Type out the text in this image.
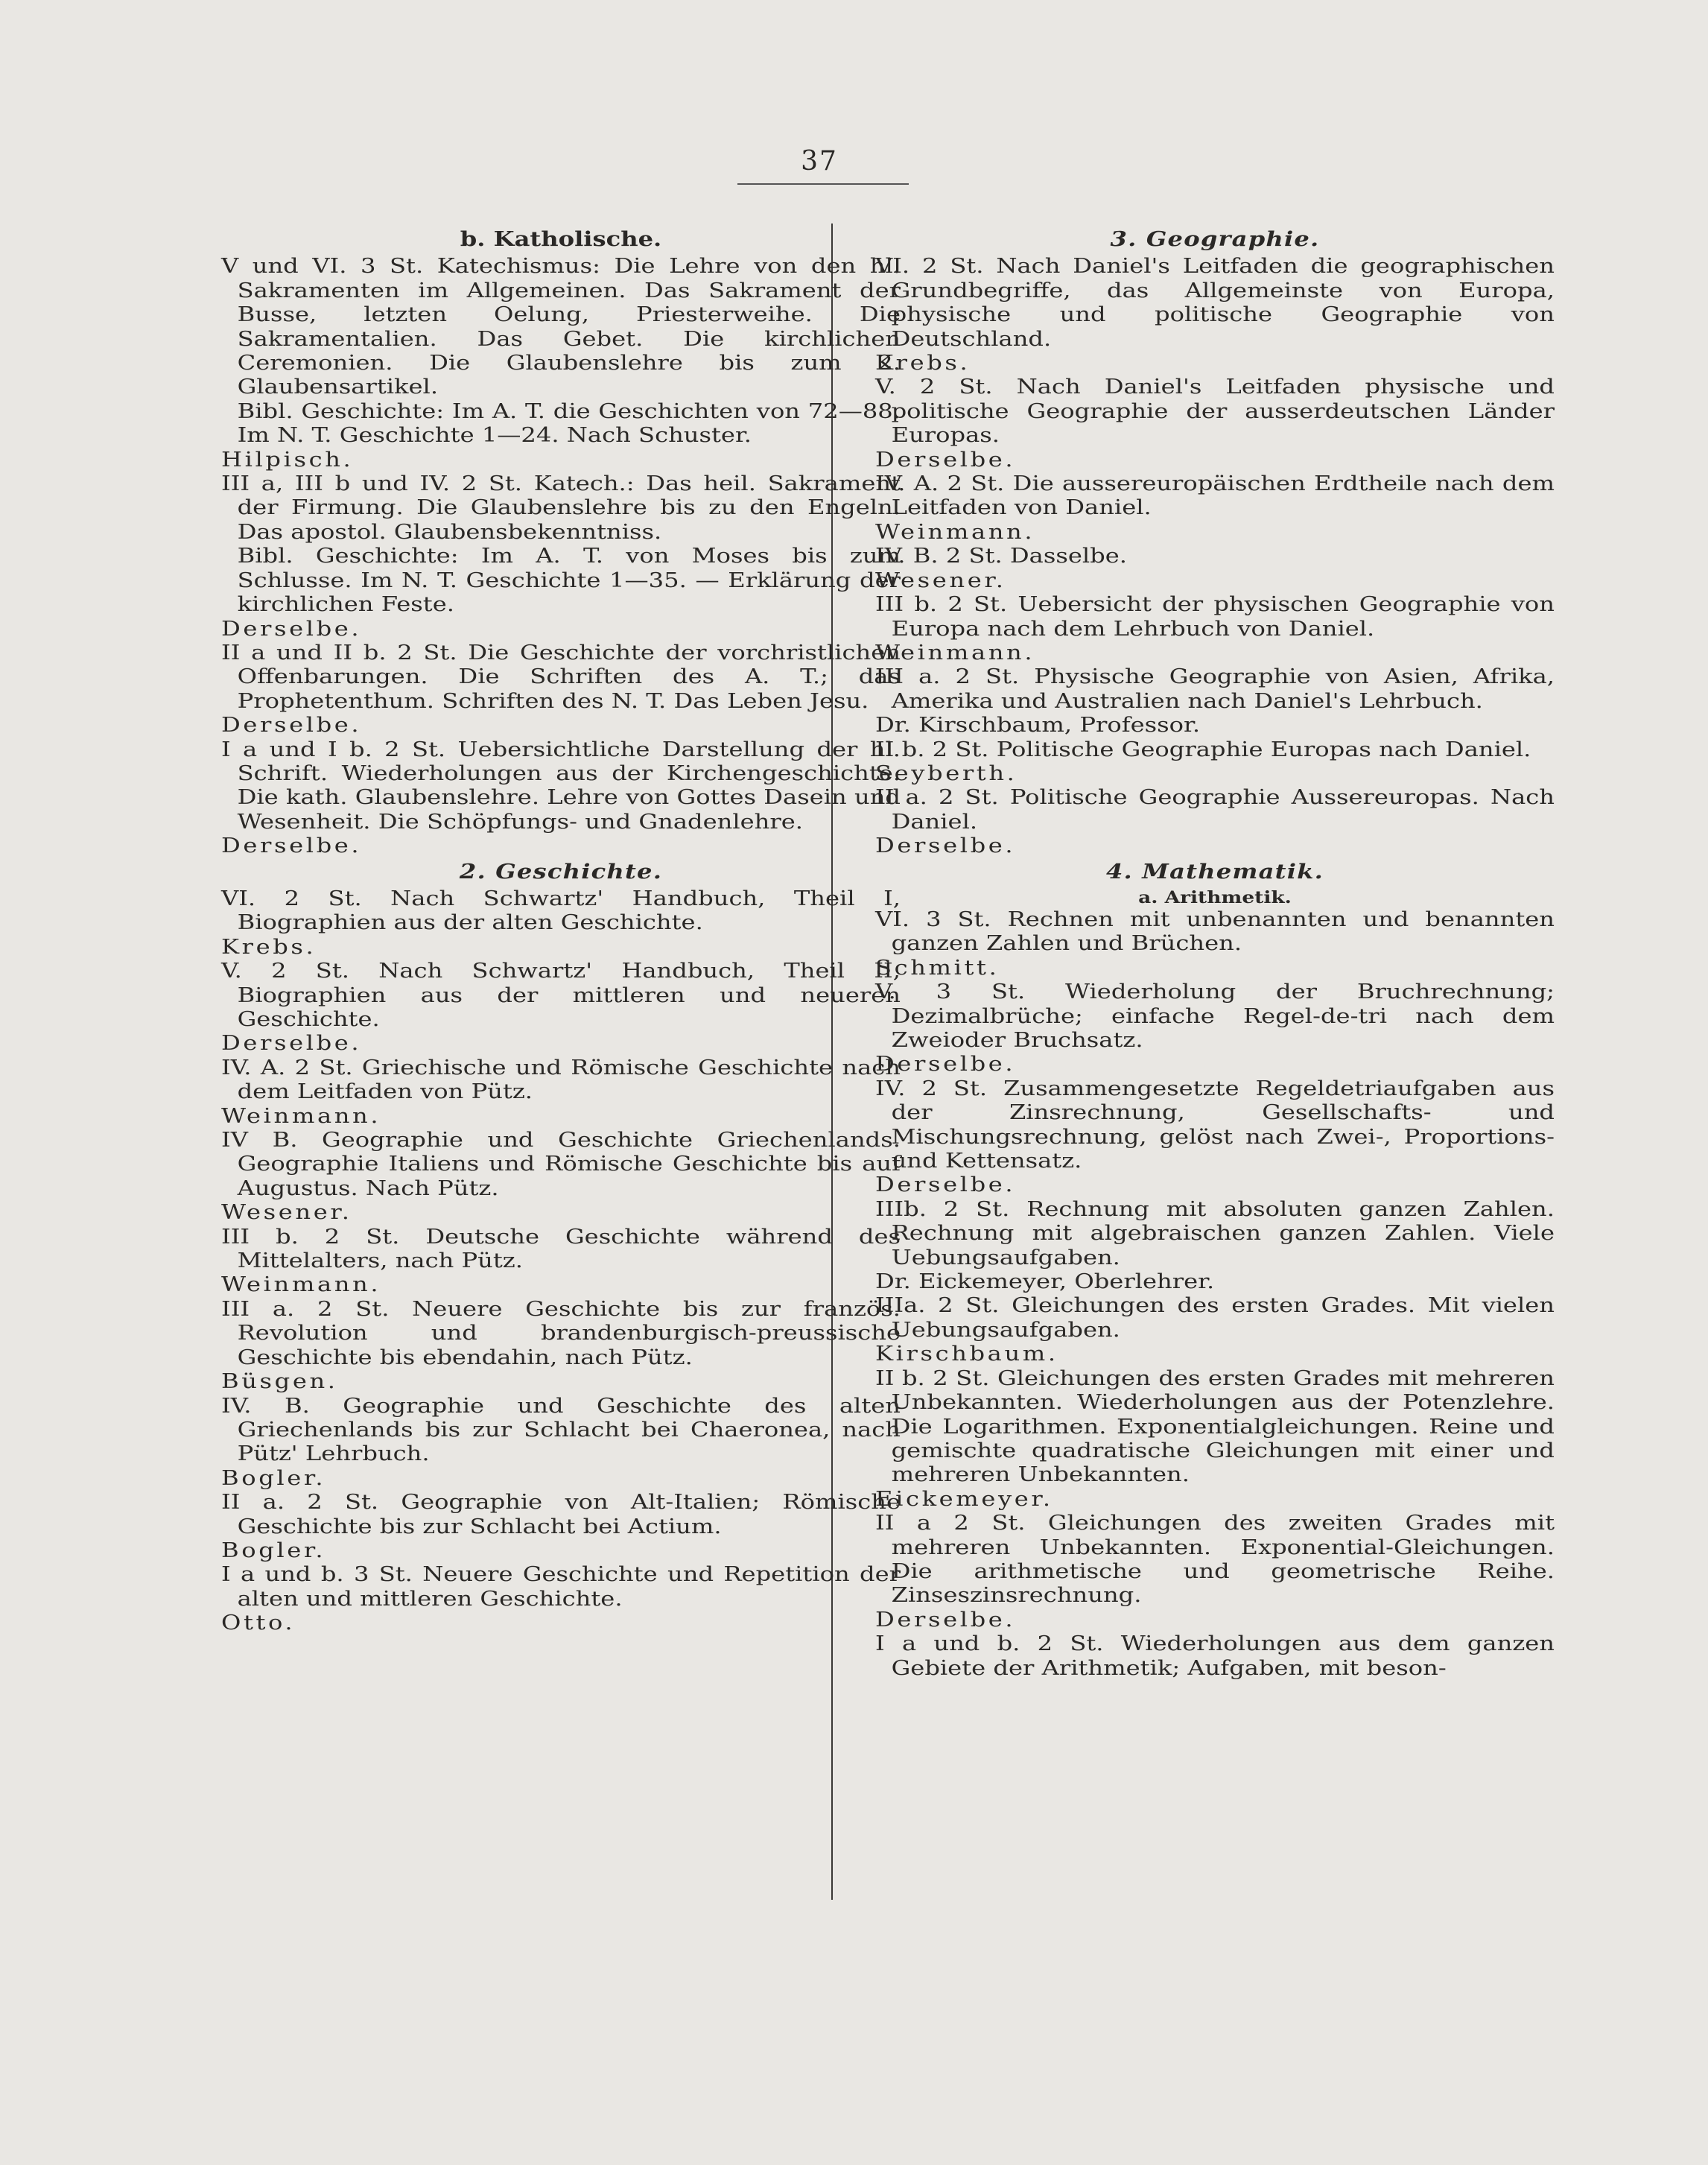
37
b. Katholische.

V und VI. 3 St. Katechismus: Die Lehre von den hl. Sakramenten im Allgemeinen. Das Sakrament der Busse, letzten Oelung, Priesterweihe. Die Sakramentalien. Das Gebet. Die kirchlichen Ceremonien. Die Glaubenslehre bis zum 2. Glaubensartikel.

Bibl. Geschichte: Im A. T. die Geschichten von 72—88. Im N. T. Geschichte 1—24. Nach Schuster.

Hilpisch.

III a, III b und IV. 2 St. Katech.: Das heil. Sakrament der Firmung. Die Glaubenslehre bis zu den Engeln. Das apostol. Glaubensbekenntniss.

Bibl. Geschichte: Im A. T. von Moses bis zum Schlusse. Im N. T. Geschichte 1—35. — Erklärung der kirchlichen Feste.

Derselbe.

II a und II b. 2 St. Die Geschichte der vorchristlichen Offenbarungen. Die Schriften des A. T.; das Prophetenthum. Schriften des N. T. Das Leben Jesu.

Derselbe.

I a und I b. 2 St. Uebersichtliche Darstellung der hl. Schrift. Wiederholungen aus der Kirchengeschichte. Die kath. Glaubenslehre. Lehre von Gottes Dasein und Wesenheit. Die Schöpfungs- und Gnadenlehre.

Derselbe.

2. Geschichte.

VI. 2 St. Nach Schwartz' Handbuch, Theil I, Biographien aus der alten Geschichte.

Krebs.

V. 2 St. Nach Schwartz' Handbuch, Theil II, Biographien aus der mittleren und neueren Geschichte.

Derselbe.

IV. A. 2 St. Griechische und Römische Geschichte nach dem Leitfaden von Pütz.

Weinmann.

IV B. Geographie und Geschichte Griechenlands. Geographie Italiens und Römische Geschichte bis auf Augustus. Nach Pütz.

Wesener.

III b. 2 St. Deutsche Geschichte während des Mittelalters, nach Pütz.

Weinmann.

III a. 2 St. Neuere Geschichte bis zur französ. Revolution und brandenburgisch-preussische Geschichte bis ebendahin, nach Pütz.

Büsgen.

IV. B. Geographie und Geschichte des alten Griechenlands bis zur Schlacht bei Chaeronea, nach Pütz' Lehrbuch.

Bogler.

II a. 2 St. Geographie von Alt-Italien; Römische Geschichte bis zur Schlacht bei Actium.

Bogler.

I a und b. 3 St. Neuere Geschichte und Repetition der alten und mittleren Geschichte.

Otto.

3. Geographie.

VI. 2 St. Nach Daniel's Leitfaden die geographischen Grundbegriffe, das Allgemeinste von Europa, physische und politische Geographie von Deutschland.

Krebs.

V. 2 St. Nach Daniel's Leitfaden physische und politische Geographie der ausserdeutschen Länder Europas.

Derselbe.

IV. A. 2 St. Die aussereuropäischen Erdtheile nach dem Leitfaden von Daniel.

Weinmann.

IV. B. 2 St. Dasselbe.

Wesener.

III b. 2 St. Uebersicht der physischen Geographie von Europa nach dem Lehrbuch von Daniel.

Weinmann.

III a. 2 St. Physische Geographie von Asien, Afrika, Amerika und Australien nach Daniel's Lehrbuch.

Dr. Kirschbaum, Professor.

II b. 2 St. Politische Geographie Europas nach Daniel.

Seyberth.

II a. 2 St. Politische Geographie Aussereuropas. Nach Daniel.

Derselbe.

4. Mathematik.
a. Arithmetik.

VI. 3 St. Rechnen mit unbenannten und benannten ganzen Zahlen und Brüchen.

Schmitt.

V. 3 St. Wiederholung der Bruchrechnung; Dezimalbrüche; einfache Regel-de-tri nach dem Zweioder Bruchsatz.

Derselbe.

IV. 2 St. Zusammengesetzte Regeldetriaufgaben aus der Zinsrechnung, Gesellschafts- und Mischungsrechnung, gelöst nach Zwei-, Proportions- und Kettensatz.

Derselbe.

IIIb. 2 St. Rechnung mit absoluten ganzen Zahlen. Rechnung mit algebraischen ganzen Zahlen. Viele Uebungsaufgaben.

Dr. Eickemeyer, Oberlehrer.

IIIa. 2 St. Gleichungen des ersten Grades. Mit vielen Uebungsaufgaben.

Kirschbaum.

II b. 2 St. Gleichungen des ersten Grades mit mehreren Unbekannten. Wiederholungen aus der Potenzlehre. Die Logarithmen. Exponentialgleichungen. Reine und gemischte quadratische Gleichungen mit einer und mehreren Unbekannten.

Eickemeyer.

II a 2 St. Gleichungen des zweiten Grades mit mehreren Unbekannten. Exponential-Gleichungen. Die arithmetische und geometrische Reihe. Zinseszinsrechnung.

Derselbe.

I a und b. 2 St. Wiederholungen aus dem ganzen Gebiete der Arithmetik; Aufgaben, mit beson-
